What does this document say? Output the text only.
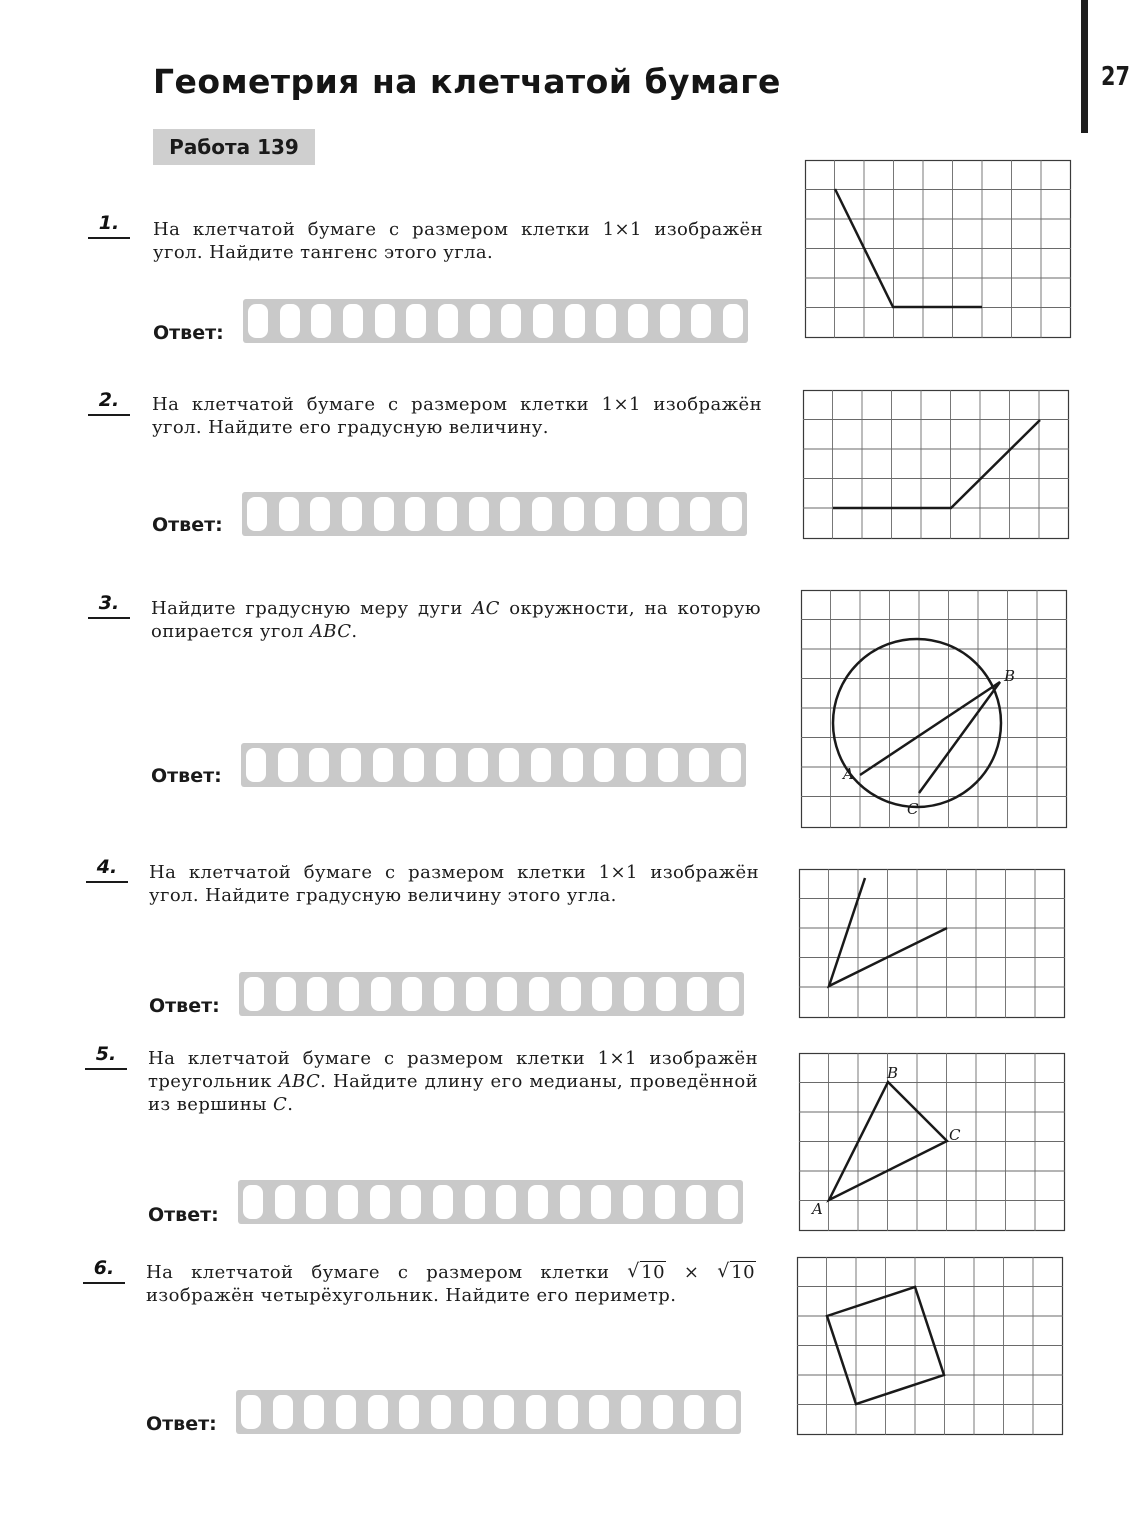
Геометрия на клетчатой бумаге
Работа 139
27
1.	На клетчатой бумаге с размером клетки 1×1 изображён угол. Найдите тангенс этого угла.

Ответ:
2.	На клетчатой бумаге с размером клетки 1×1 изображён угол. Найдите его градусную величину.

Ответ:
3.	Найдите градусную меру дуги AC окружности, на которую опирается угол ABC.

Ответ:
4.	На клетчатой бумаге с размером клетки 1×1 изображён угол. Найдите градусную величину этого угла.

Ответ:
5.	На клетчатой бумаге с размером клетки 1×1 изображён треугольник ABC. Найдите длину его медианы, проведённой из вершины C.

Ответ:
6.	На клетчатой бумаге с размером клетки √ 10 × √ 10 изображён четырёхугольник. Найдите его периметр.

Ответ:
A
B
C
A
B
C
